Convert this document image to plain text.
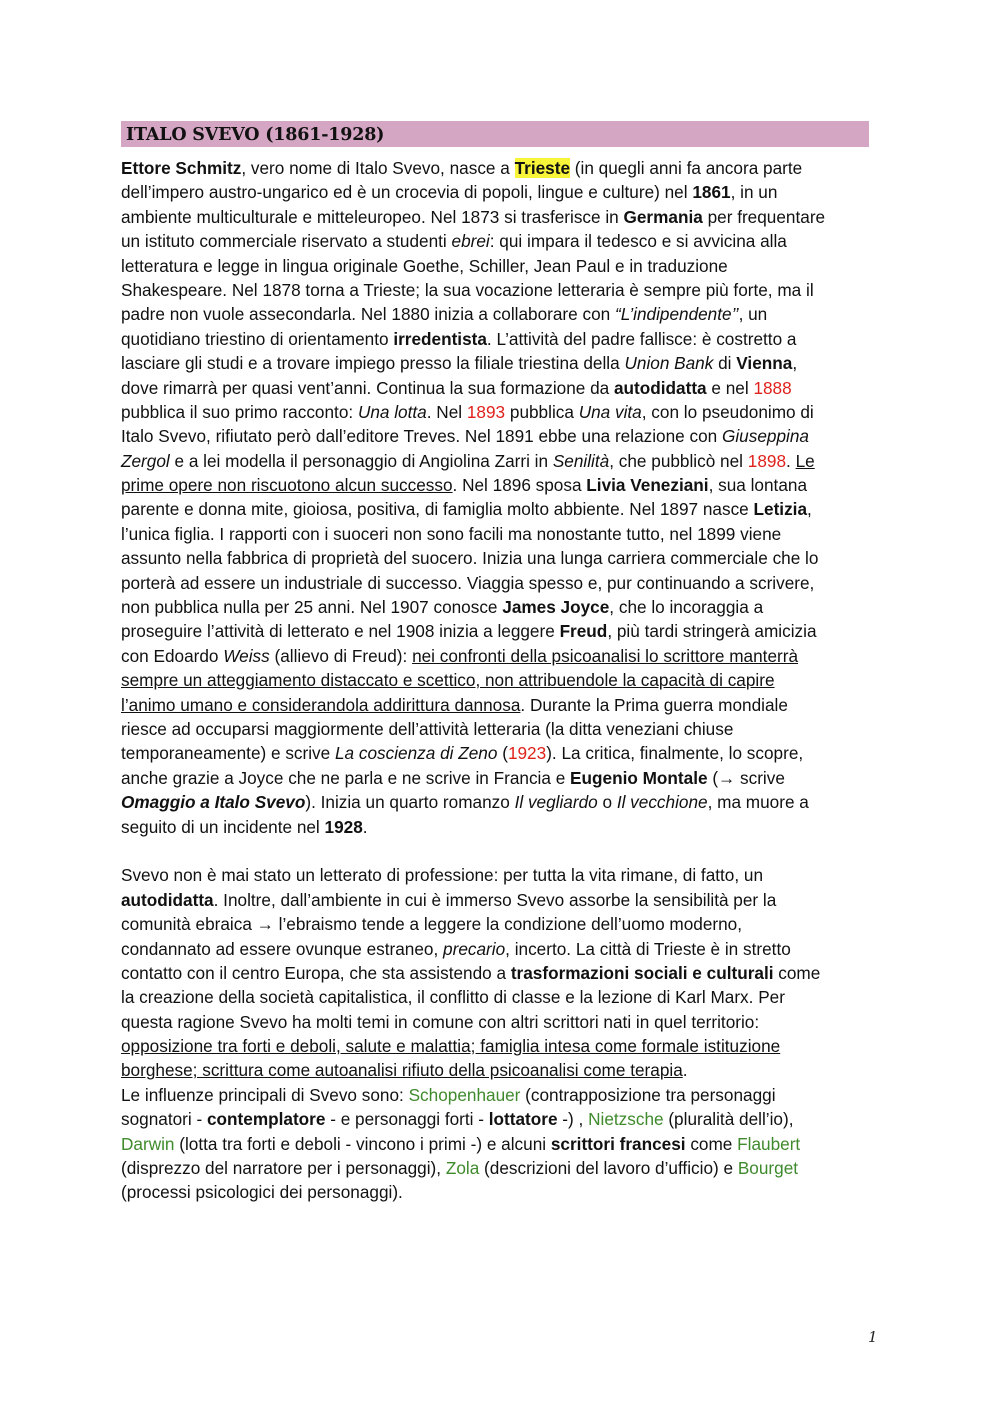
ITALO SVEVO (1861-1928)
Ettore Schmitz, vero nome di Italo Svevo, nasce a Trieste (in quegli anni fa ancora parte
dell’impero austro-ungarico ed è un crocevia di popoli, lingue e culture) nel 1861, in un
ambiente multiculturale e mitteleuropeo. Nel 1873 si trasferisce in Germania per frequentare
un istituto commerciale riservato a studenti ebrei: qui impara il tedesco e si avvicina alla
letteratura e legge in lingua originale Goethe, Schiller, Jean Paul e in traduzione
Shakespeare. Nel 1878 torna a Trieste; la sua vocazione letteraria è sempre più forte, ma il
padre non vuole assecondarla. Nel 1880 inizia a collaborare con “L’indipendente’’, un
quotidiano triestino di orientamento irredentista. L’attività del padre fallisce: è costretto a
lasciare gli studi e a trovare impiego presso la filiale triestina della Union Bank di Vienna,
dove rimarrà per quasi vent’anni. Continua la sua formazione da autodidatta e nel 1888
pubblica il suo primo racconto: Una lotta. Nel 1893 pubblica Una vita, con lo pseudonimo di
Italo Svevo, rifiutato però dall’editore Treves. Nel 1891 ebbe una relazione con Giuseppina
Zergol e a lei modella il personaggio di Angiolina Zarri in Senilità, che pubblicò nel 1898. Le
prime opere non riscuotono alcun successo. Nel 1896 sposa Livia Veneziani, sua lontana
parente e donna mite, gioiosa, positiva, di famiglia molto abbiente. Nel 1897 nasce Letizia,
l’unica figlia. I rapporti con i suoceri non sono facili ma nonostante tutto, nel 1899 viene
assunto nella fabbrica di proprietà del suocero. Inizia una lunga carriera commerciale che lo
porterà ad essere un industriale di successo. Viaggia spesso e, pur continuando a scrivere,
non pubblica nulla per 25 anni. Nel 1907 conosce James Joyce, che lo incoraggia a
proseguire l’attività di letterato e nel 1908 inizia a leggere Freud, più tardi stringerà amicizia
con Edoardo Weiss (allievo di Freud): nei confronti della psicoanalisi lo scrittore manterrà
sempre un atteggiamento distaccato e scettico, non attribuendole la capacità di capire
l’animo umano e considerandola addirittura dannosa. Durante la Prima guerra mondiale
riesce ad occuparsi maggiormente dell’attività letteraria (la ditta veneziani chiuse
temporaneamente) e scrive La coscienza di Zeno (1923). La critica, finalmente, lo scopre,
anche grazie a Joyce che ne parla e ne scrive in Francia e Eugenio Montale (→ scrive
Omaggio a Italo Svevo). Inizia un quarto romanzo Il vegliardo o Il vecchione, ma muore a
seguito di un incidente nel 1928.
Svevo non è mai stato un letterato di professione: per tutta la vita rimane, di fatto, un
autodidatta. Inoltre, dall’ambiente in cui è immerso Svevo assorbe la sensibilità per la
comunità ebraica → l’ebraismo tende a leggere la condizione dell’uomo moderno,
condannato ad essere ovunque estraneo, precario, incerto. La città di Trieste è in stretto
contatto con il centro Europa, che sta assistendo a trasformazioni sociali e culturali come
la creazione della società capitalistica, il conflitto di classe e la lezione di Karl Marx. Per
questa ragione Svevo ha molti temi in comune con altri scrittori nati in quel territorio:
opposizione tra forti e deboli, salute e malattia; famiglia intesa come formale istituzione
borghese; scrittura come autoanalisi rifiuto della psicoanalisi come terapia.
Le influenze principali di Svevo sono: Schopenhauer (contrapposizione tra personaggi
sognatori - contemplatore - e personaggi forti - lottatore -) , Nietzsche (pluralità dell’io),
Darwin (lotta tra forti e deboli - vincono i primi -) e alcuni scrittori francesi come Flaubert
(disprezzo del narratore per i personaggi), Zola (descrizioni del lavoro d’ufficio) e Bourget
(processi psicologici dei personaggi).
1
